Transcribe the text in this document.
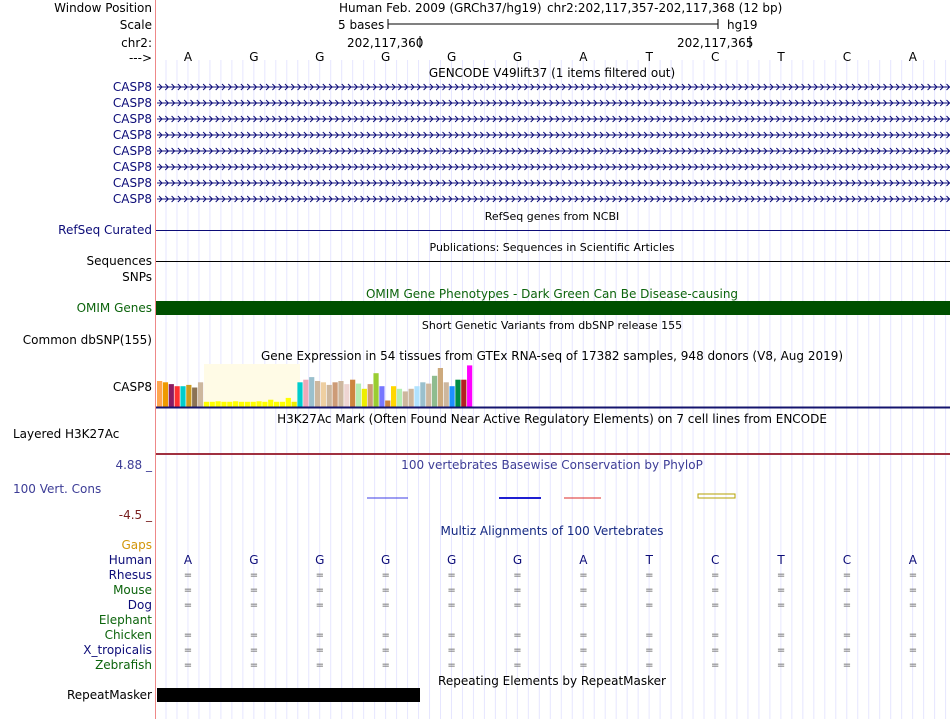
Window Position
Scale
chr2:
--->
Human Feb. 2009 (GRCh37/hg19) chr2:202,117,357-202,117,368 (12 bp)
5 bases	hg19
202,117,360	202,117,365
A	G	G	G	G	G	A	T	C	T	C	A
GENCODE V49lift37 (1 items filtered out)
CASP8
CASP8
CASP8
CASP8
CASP8
CASP8
CASP8
CASP8
RefSeq genes from NCBI
RefSeq Curated
Publications: Sequences in Scientific Articles
Sequences
SNPs
OMIM Gene Phenotypes - Dark Green Can Be Disease-causing
OMIM Genes
Short Genetic Variants from dbSNP release 155
Common dbSNP(155)
Gene Expression in 54 tissues from GTEx RNA-seq of 17382 samples, 948 donors (V8, Aug 2019)
CASP8
H3K27Ac Mark (Often Found Near Active Regulatory Elements) on 7 cell lines from ENCODE
Layered H3K27Ac
100 vertebrates Basewise Conservation by PhyloP
4.88 _
100 Vert. Cons
-4.5 _
Multiz Alignments of 100 Vertebrates
Gaps
Human	A	G	G	G	G	G	A	T	C	T	C	A
Rhesus	=	=	=	=	=	=	=	=	=	=	=	=
Mouse	=	=	=	=	=	=	=	=	=	=	=	=
Dog	=	=	=	=	=	=	=	=	=	=	=	=
Elephant
Chicken	=	=	=	=	=	=	=	=	=	=	=	=
X_tropicalis	=	=	=	=	=	=	=	=	=	=	=	=
Zebrafish	=	=	=	=	=	=	=	=	=	=	=	=
Repeating Elements by RepeatMasker
RepeatMasker
